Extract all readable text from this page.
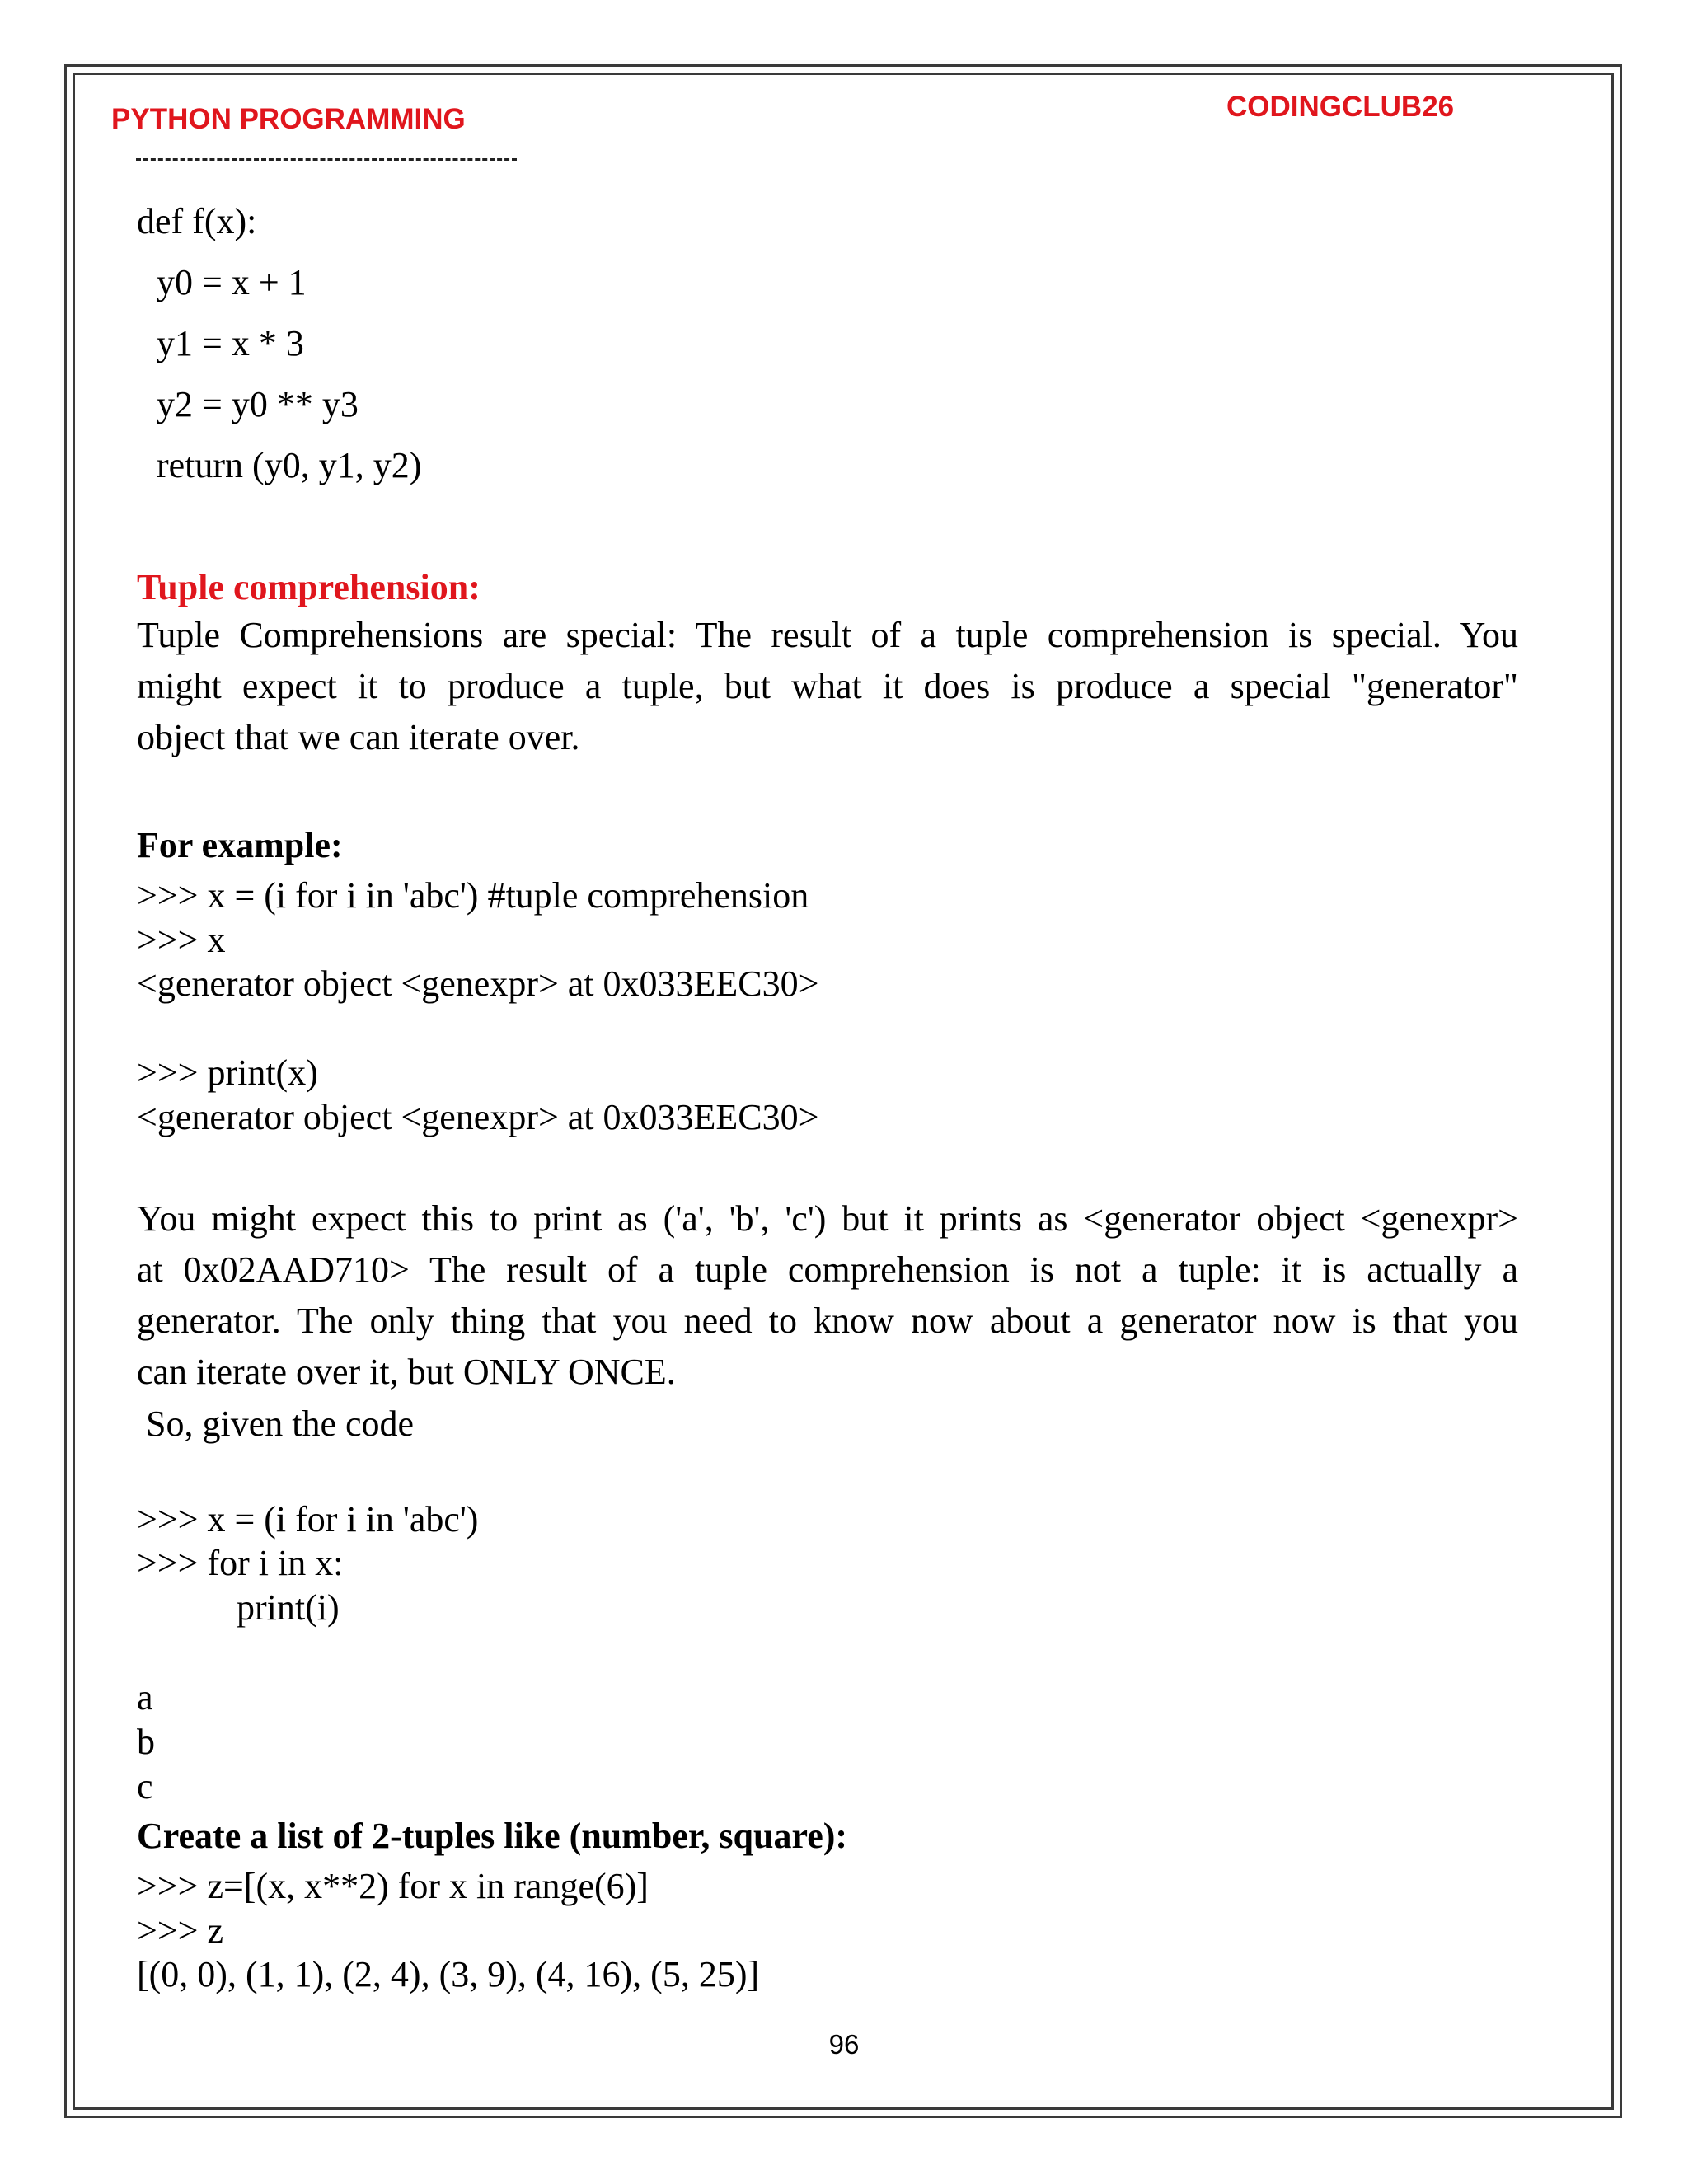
PYTHON PROGRAMMING	CODINGCLUB26
def f(x):
y0 = x + 1
y1 = x * 3
y2 = y0 ** y3
return (y0, y1, y2)
Tuple comprehension:
Tuple Comprehensions are special: The result of a tuple comprehension is special. You
might expect it to produce a tuple, but what it does is produce a special "generator"
object that we can iterate over.
For example:
>>> x = (i for i in 'abc') #tuple comprehension
>>> x
<generator object <genexpr> at 0x033EEC30>
>>> print(x)
<generator object <genexpr> at 0x033EEC30>
You might expect this to print as ('a', 'b', 'c') but it prints as <generator object <genexpr>
at 0x02AAD710> The result of a tuple comprehension is not a tuple: it is actually a
generator. The only thing that you need to know now about a generator now is that you
can iterate over it, but ONLY ONCE.
So, given the code
>>> x = (i for i in 'abc')
>>> for i in x:
print(i)
a
b
c
Create a list of 2-tuples like (number, square):
>>> z=[(x, x**2) for x in range(6)]
>>> z
[(0, 0), (1, 1), (2, 4), (3, 9), (4, 16), (5, 25)]
96
